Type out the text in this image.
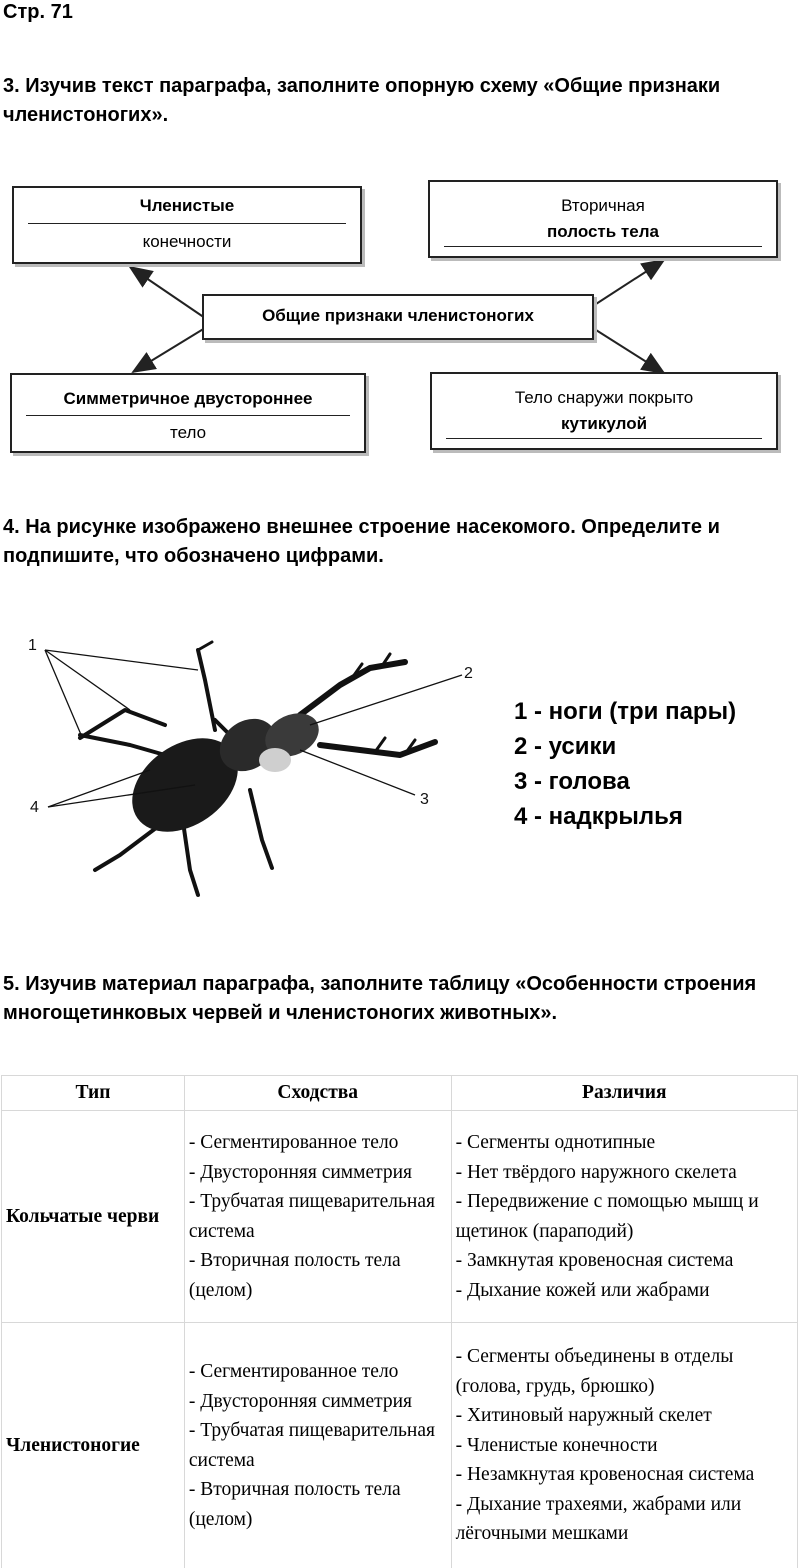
Стр. 71
3. Изучив текст параграфа, заполните опорную схему «Общие признаки членистоногих».
Членистые
конечности
Вторичная
полость тела
Общие признаки членистоногих
Симметричное двустороннее
тело
Тело снаружи покрыто
кутикулой
4. На рисунке изображено внешнее строение насекомого. Определите и подпишите, что обозначено цифрами.
1
2
3
4
1 - ноги (три пары)
2 - усики
3 - голова
4 - надкрылья
5. Изучив материал параграфа, заполните таблицу «Особенности строения многощетинковых червей и членистоногих животных».
Тип	Сходства	Различия
Кольчатые черви	- Сегментированное тело
- Двусторонняя симметрия
- Трубчатая пищеварительная система
- Вторичная полость тела (целом)	- Сегменты однотипные
- Нет твёрдого наружного скелета
- Передвижение с помощью мышц и щетинок (параподий)
- Замкнутая кровеносная система
- Дыхание кожей или жабрами

Членистоногие	- Сегментированное тело
- Двусторонняя симметрия
- Трубчатая пищеварительная система
- Вторичная полость тела (целом)	- Сегменты объединены в отделы (голова, грудь, брюшко)
- Хитиновый наружный скелет
- Членистые конечности
- Незамкнутая кровеносная система
- Дыхание трахеями, жабрами или лёгочными мешками
